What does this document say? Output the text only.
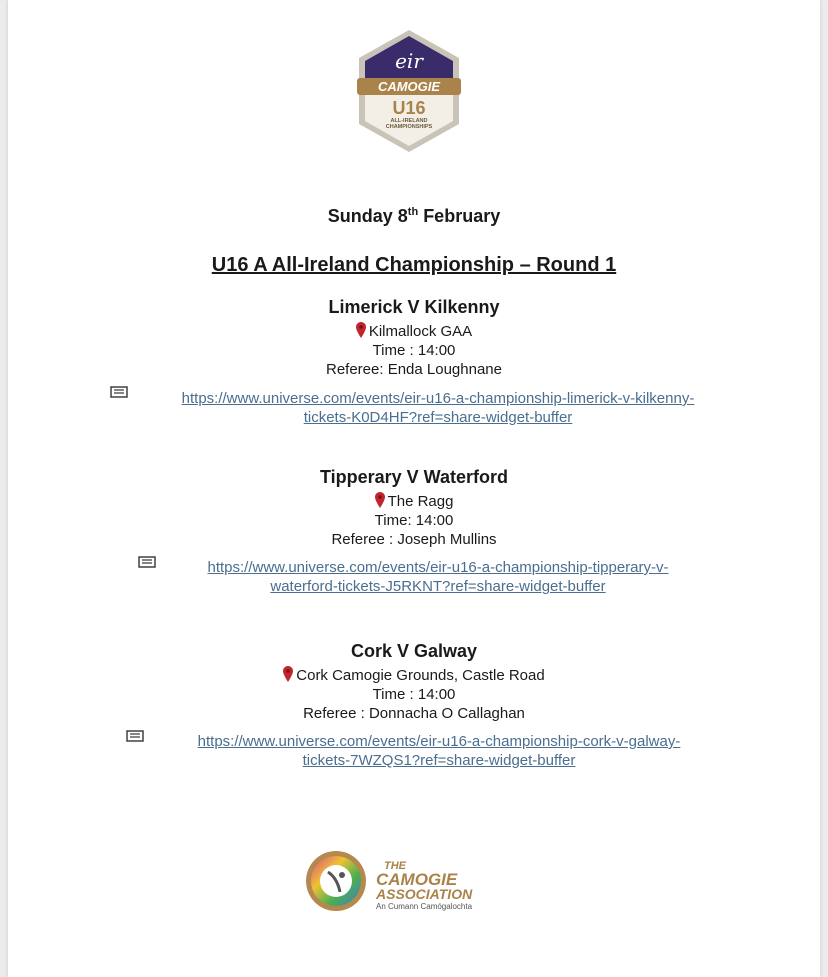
eir
CAMOGIE
U16
ALL-IRELAND
CHAMPIONSHIPS
Sunday 8th February
U16 A All-Ireland Championship – Round 1
Limerick V Kilkenny
Kilmallock GAA
Time : 14:00
Referee: Enda Loughnane
https://www.universe.com/events/eir-u16-a-championship-limerick-v-kilkenny-
tickets-K0D4HF?ref=share-widget-buffer
Tipperary V Waterford
The Ragg
Time: 14:00
Referee : Joseph Mullins
https://www.universe.com/events/eir-u16-a-championship-tipperary-v-
waterford-tickets-J5RKNT?ref=share-widget-buffer
Cork V Galway
Cork Camogie Grounds, Castle Road
Time : 14:00
Referee : Donnacha O Callaghan
https://www.universe.com/events/eir-u16-a-championship-cork-v-galway-
tickets-7WZQS1?ref=share-widget-buffer
THE
CAMOGIE
ASSOCIATION
An Cumann Camógalochta
